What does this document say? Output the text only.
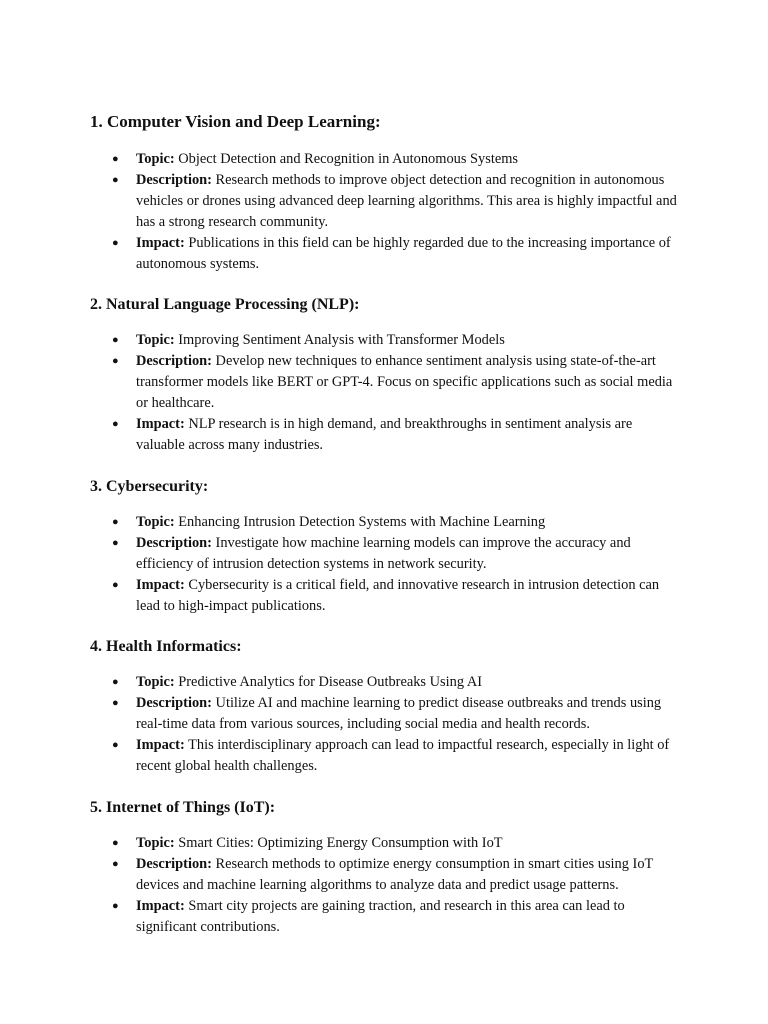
1. Computer Vision and Deep Learning:
● Topic: Object Detection and Recognition in Autonomous Systems
● Description: Research methods to improve object detection and recognition in autonomous vehicles or drones using advanced deep learning algorithms. This area is highly impactful and has a strong research community.
● Impact: Publications in this field can be highly regarded due to the increasing importance of autonomous systems.
2. Natural Language Processing (NLP):
● Topic: Improving Sentiment Analysis with Transformer Models
● Description: Develop new techniques to enhance sentiment analysis using state-of-the-art transformer models like BERT or GPT-4. Focus on specific applications such as social media or healthcare.
● Impact: NLP research is in high demand, and breakthroughs in sentiment analysis are valuable across many industries.
3. Cybersecurity:
● Topic: Enhancing Intrusion Detection Systems with Machine Learning
● Description: Investigate how machine learning models can improve the accuracy and efficiency of intrusion detection systems in network security.
● Impact: Cybersecurity is a critical field, and innovative research in intrusion detection can lead to high-impact publications.
4. Health Informatics:
● Topic: Predictive Analytics for Disease Outbreaks Using AI
● Description: Utilize AI and machine learning to predict disease outbreaks and trends using real-time data from various sources, including social media and health records.
● Impact: This interdisciplinary approach can lead to impactful research, especially in light of recent global health challenges.
5. Internet of Things (IoT):
● Topic: Smart Cities: Optimizing Energy Consumption with IoT
● Description: Research methods to optimize energy consumption in smart cities using IoT devices and machine learning algorithms to analyze data and predict usage patterns.
● Impact: Smart city projects are gaining traction, and research in this area can lead to significant contributions.
